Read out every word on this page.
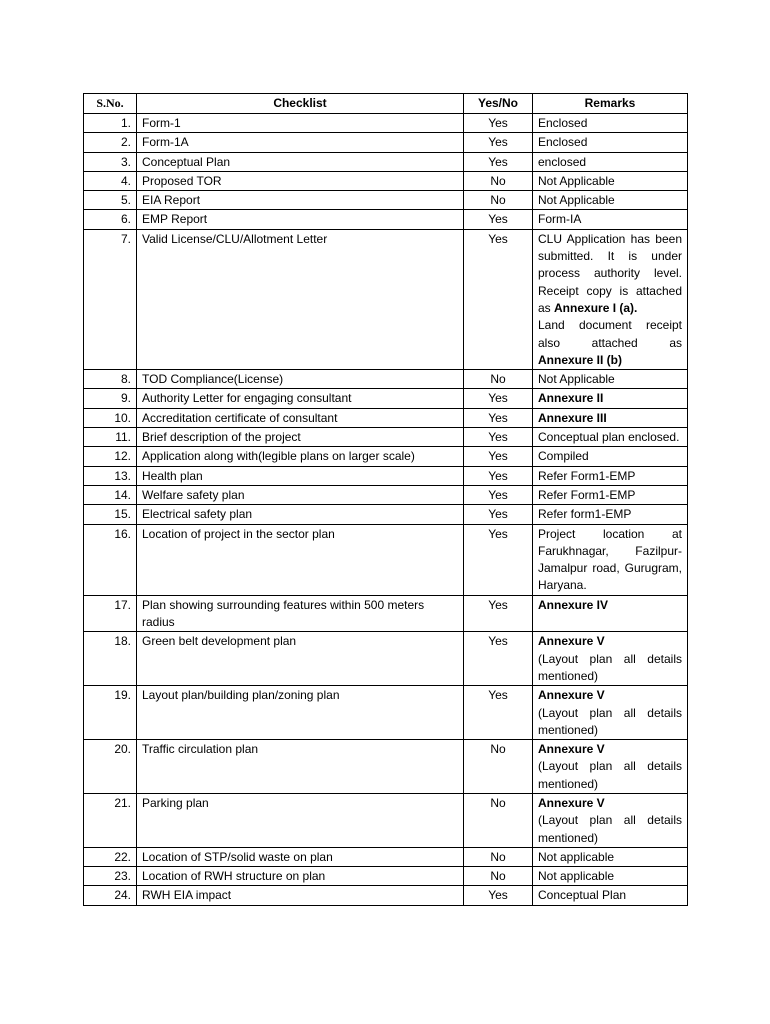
S.No.	Checklist	Yes/No	Remarks
1.	Form-1	Yes	Enclosed
2.	Form-1A	Yes	Enclosed
3.	Conceptual Plan	Yes	enclosed
4.	Proposed TOR	No	Not Applicable
5.	EIA Report	No	Not Applicable
6.	EMP Report	Yes	Form-IA
7.	Valid License/CLU/Allotment Letter	Yes	CLU Application has been submitted. It is under process authority level. Receipt copy is attached as Annexure I (a).
Land document receipt also attached as Annexure II (b)
8.	TOD Compliance(License)	No	Not Applicable
9.	Authority Letter for engaging consultant	Yes	Annexure II
10.	Accreditation certificate of consultant	Yes	Annexure III
11.	Brief description of the project	Yes	Conceptual plan enclosed.
12.	Application along with(legible plans on larger scale)	Yes	Compiled
13.	Health plan	Yes	Refer Form1-EMP
14.	Welfare safety plan	Yes	Refer Form1-EMP
15.	Electrical safety plan	Yes	Refer form1-EMP
16.	Location of project in the sector plan	Yes	Project location at Farukhnagar, Fazilpur-Jamalpur road, Gurugram, Haryana.
17.	Plan showing surrounding features within 500 meters radius	Yes	Annexure IV
18.	Green belt development plan	Yes	Annexure V
(Layout plan all details mentioned)
19.	Layout plan/building plan/zoning plan	Yes	Annexure V
(Layout plan all details mentioned)
20.	Traffic circulation plan	No	Annexure V
(Layout plan all details mentioned)
21.	Parking plan	No	Annexure V
(Layout plan all details mentioned)
22.	Location of STP/solid waste on plan	No	Not applicable
23.	Location of RWH structure on plan	No	Not applicable
24.	RWH EIA impact	Yes	Conceptual Plan
